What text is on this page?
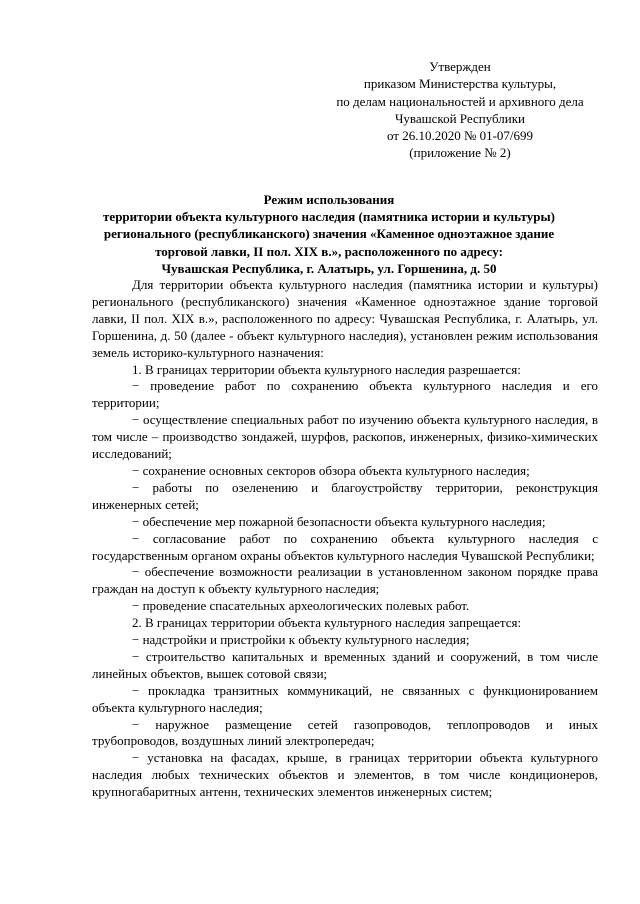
Утвержден
приказом Министерства культуры,
по делам национальностей и архивного дела
Чувашской Республики
от 26.10.2020 № 01-07/699
(приложение № 2)
Режим использования
территории объекта культурного наследия (памятника истории и культуры)
регионального (республиканского) значения «Каменное одноэтажное здание
торговой лавки, II пол. XIX в.», расположенного по адресу:
Чувашская Республика, г. Алатырь, ул. Горшенина, д. 50

Для территории объекта культурного наследия (памятника истории и культуры) регионального (республиканского) значения «Каменное одноэтажное здание торговой лавки, II пол. XIX в.», расположенного по адресу: Чувашская Республика, г. Алатырь, ул. Горшенина, д. 50 (далее - объект культурного наследия), установлен режим использования земель историко-культурного назначения:

1. В границах территории объекта культурного наследия разрешается:

− проведение работ по сохранению объекта культурного наследия и его территории;

− осуществление специальных работ по изучению объекта культурного наследия, в том числе – производство зондажей, шурфов, раскопов, инженерных, физико-химических исследований;

− сохранение основных секторов обзора объекта культурного наследия;

− работы по озеленению и благоустройству территории, реконструкция инженерных сетей;

− обеспечение мер пожарной безопасности объекта культурного наследия;

− согласование работ по сохранению объекта культурного наследия с государственным органом охраны объектов культурного наследия Чувашской Республики;

− обеспечение возможности реализации в установленном законом порядке права граждан на доступ к объекту культурного наследия;

− проведение спасательных археологических полевых работ.

2. В границах территории объекта культурного наследия запрещается:

− надстройки и пристройки к объекту культурного наследия;

− строительство капитальных и временных зданий и сооружений, в том числе линейных объектов, вышек сотовой связи;

− прокладка транзитных коммуникаций, не связанных с функционированием объекта культурного наследия;

− наружное размещение сетей газопроводов, теплопроводов и иных трубопроводов, воздушных линий электропередач;

− установка на фасадах, крыше, в границах территории объекта культурного наследия любых технических объектов и элементов, в том числе кондиционеров, крупногабаритных антенн, технических элементов инженерных систем;
